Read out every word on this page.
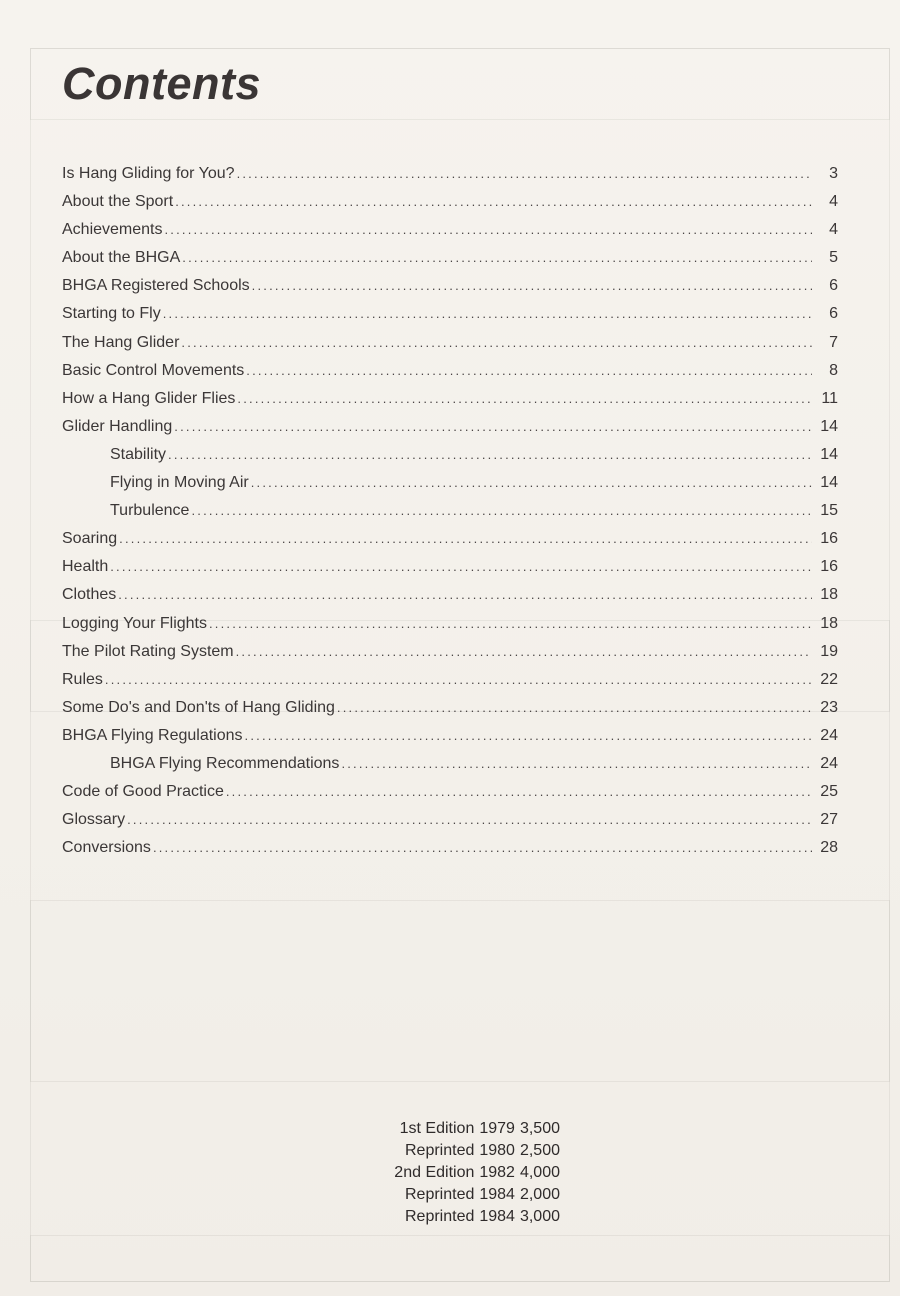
Contents
Is Hang Gliding for You? .....	3
About the Sport .....	4
Achievements .....	4
About the BHGA .....	5
BHGA Registered Schools .....	6
Starting to Fly .....	6
The Hang Glider .....	7
Basic Control Movements .....	8
How a Hang Glider Flies .....	11
Glider Handling .....	14
Stability .....	14
Flying in Moving Air .....	14
Turbulence .....	15
Soaring .....	16
Health .....	16
Clothes .....	18
Logging Your Flights .....	18
The Pilot Rating System .....	19
Rules .....	22
Some Do's and Don'ts of Hang Gliding .....	23
BHGA Flying Regulations .....	24
BHGA Flying Recommendations .....	24
Code of Good Practice .....	25
Glossary .....	27
Conversions .....	28
1st Edition 1979 3,500
Reprinted 1980 2,500
2nd Edition 1982 4,000
Reprinted 1984 2,000
Reprinted 1984 3,000
